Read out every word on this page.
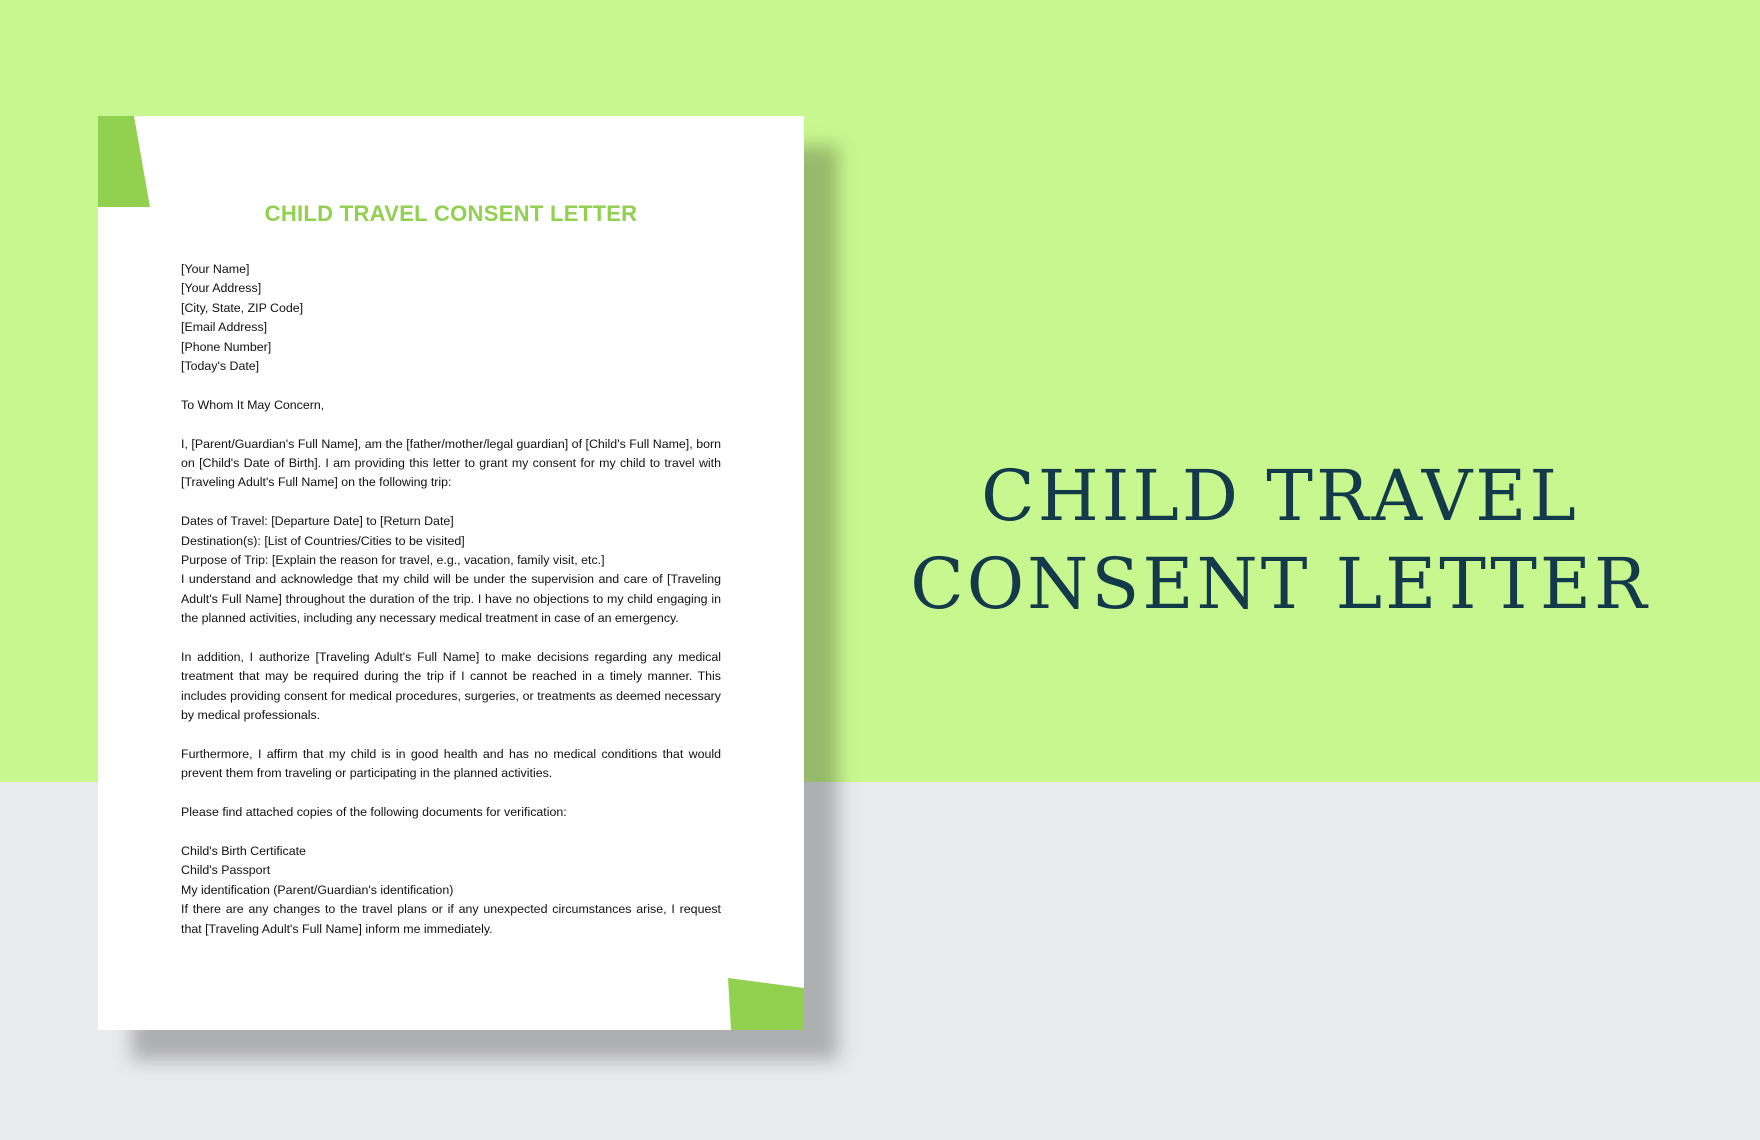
CHILD TRAVEL CONSENT LETTER
[Your Name]
[Your Address]
[City, State, ZIP Code]
[Email Address]
[Phone Number]
[Today's Date]
To Whom It May Concern,

I, [Parent/Guardian's Full Name], am the [father/mother/legal guardian] of [Child's Full Name], born on [Child's Date of Birth]. I am providing this letter to grant my consent for my child to travel with [Traveling Adult's Full Name] on the following trip:

Dates of Travel: [Departure Date] to [Return Date]
Destination(s): [List of Countries/Cities to be visited]
Purpose of Trip: [Explain the reason for travel, e.g., vacation, family visit, etc.]

I understand and acknowledge that my child will be under the supervision and care of [Traveling Adult's Full Name] throughout the duration of the trip. I have no objections to my child engaging in the planned activities, including any necessary medical treatment in case of an emergency.

In addition, I authorize [Traveling Adult's Full Name] to make decisions regarding any medical treatment that may be required during the trip if I cannot be reached in a timely manner. This includes providing consent for medical procedures, surgeries, or treatments as deemed necessary by medical professionals.

Furthermore, I affirm that my child is in good health and has no medical conditions that would prevent them from traveling or participating in the planned activities.

Please find attached copies of the following documents for verification:
Child's Birth Certificate
Child's Passport
My identification (Parent/Guardian's identification)

If there are any changes to the travel plans or if any unexpected circumstances arise, I request that [Traveling Adult's Full Name] inform me immediately.

CHILD TRAVEL
CONSENT LETTER
